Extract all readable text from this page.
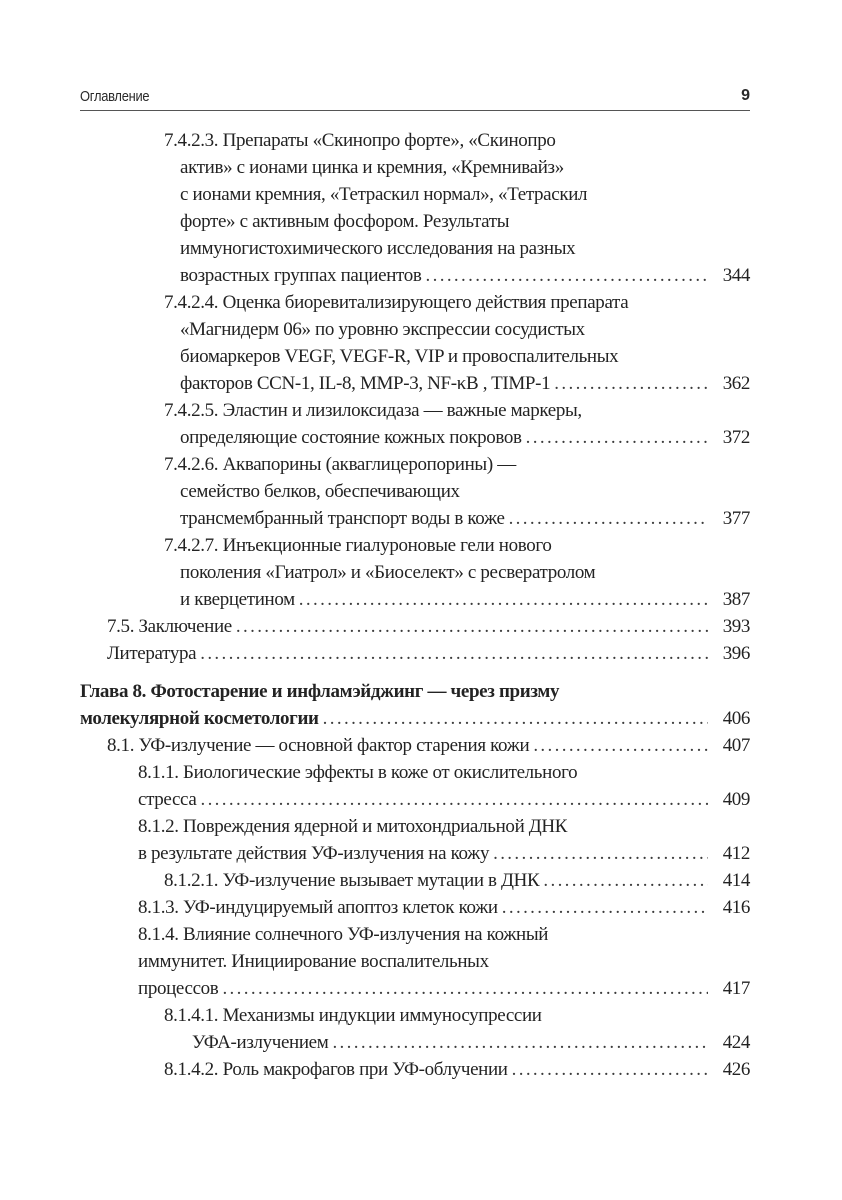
Оглавление	9
7.4.2.3. Препараты «Скинопро форте», «Скинопро
актив» с ионами цинка и кремния, «Кремнивайз»
с ионами кремния, «Тетраскил нормал», «Тетраскил
форте» с активным фосфором. Результаты
иммуногистохимического исследования на разных
возрастных группах пациентов . . .	344
7.4.2.4. Оценка биоревитализирующего действия препарата
«Магнидерм 06» по уровню экспрессии сосудистых
биомаркеров VEGF, VEGF-R, VIP и провоспалительных
факторов CCN-1, IL-8, MMP-3, NF-κB , TIMP-1 . . .	362
7.4.2.5. Эластин и лизилоксидаза — важные маркеры,
определяющие состояние кожных покровов . . .	372
7.4.2.6. Аквапорины (акваглицеропорины) —
семейство белков, обеспечивающих
трансмембранный транспорт воды в коже . . .	377
7.4.2.7. Инъекционные гиалуроновые гели нового
поколения «Гиатрол» и «Биоселект» с ресвератролом
и кверцетином . . .	387
7.5. Заключение . . .	393
Литература . . .	396
Глава 8. Фотостарение и инфламэйджинг — через призму
молекулярной косметологии . . .	406
8.1. УФ-излучение — основной фактор старения кожи . . .	407
8.1.1. Биологические эффекты в коже от окислительного
стресса . . .	409
8.1.2. Повреждения ядерной и митохондриальной ДНК
в результате действия УФ-излучения на кожу . . .	412
8.1.2.1. УФ-излучение вызывает мутации в ДНК . . .	414
8.1.3. УФ-индуцируемый апоптоз клеток кожи . . .	416
8.1.4. Влияние солнечного УФ-излучения на кожный
иммунитет. Инициирование воспалительных
процессов . . .	417
8.1.4.1. Механизмы индукции иммуносупрессии
УФА-излучением . . .	424
8.1.4.2. Роль макрофагов при УФ-облучении . . .	426
